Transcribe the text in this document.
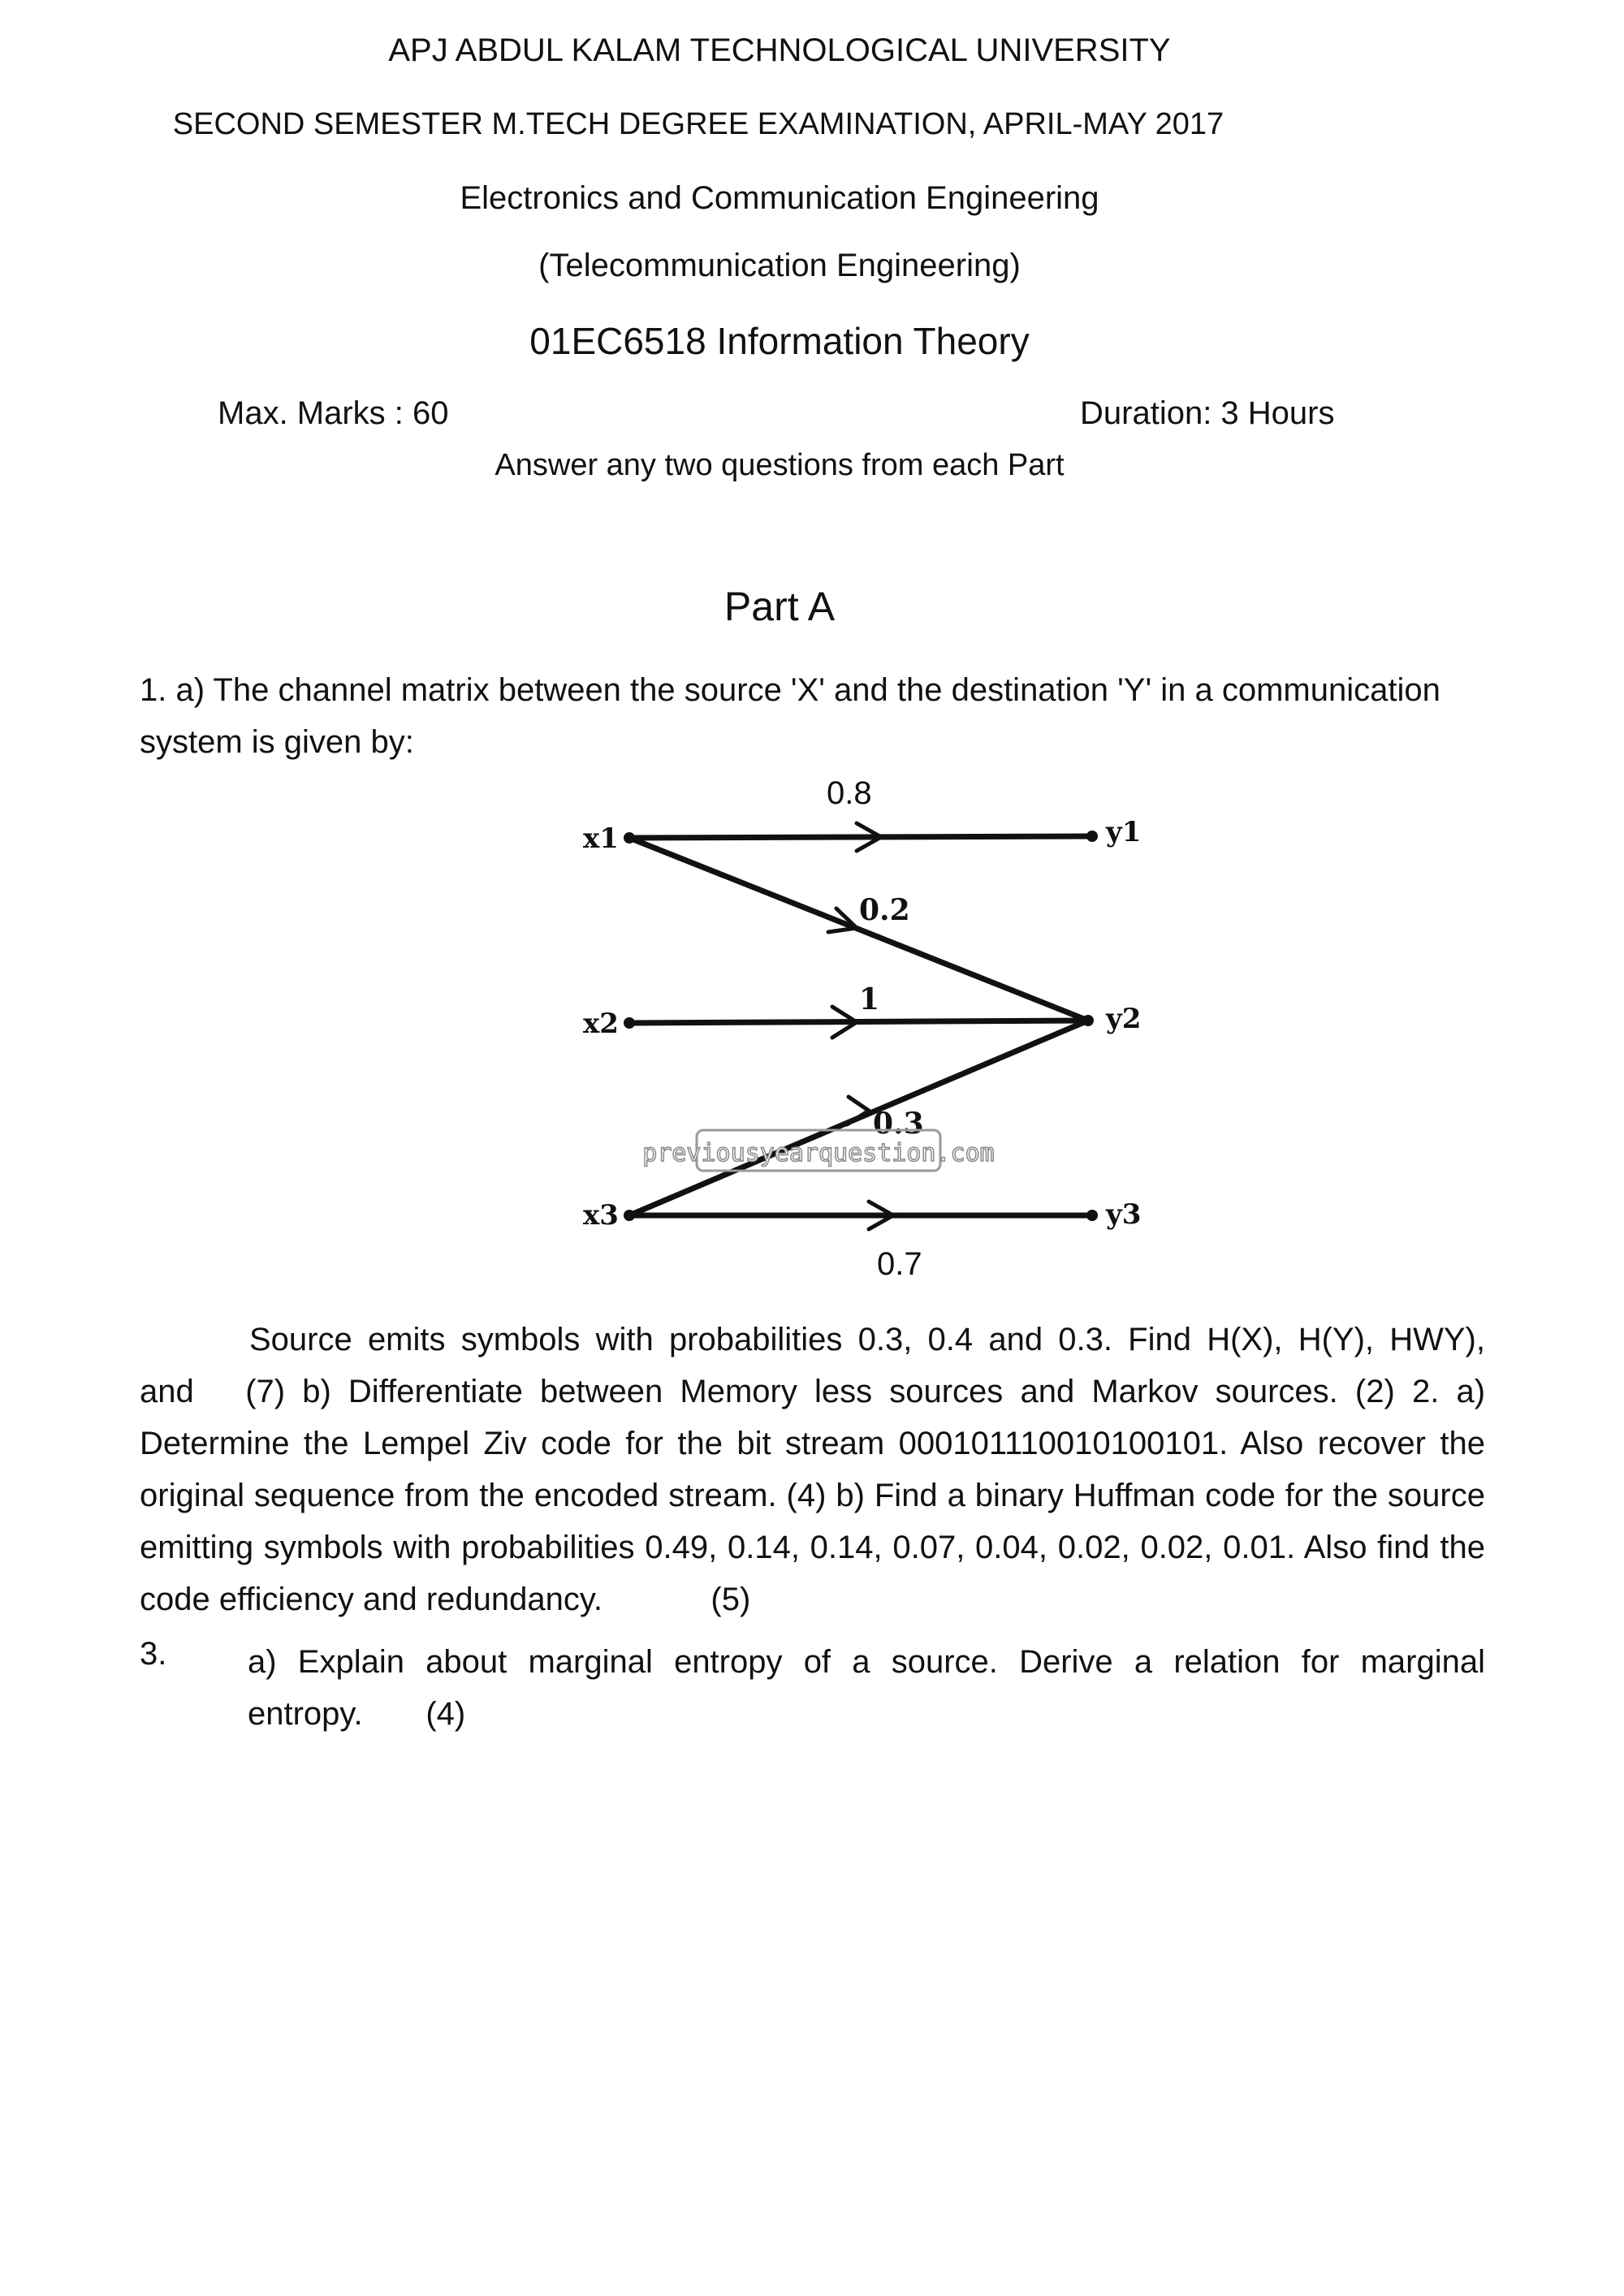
APJ ABDUL KALAM TECHNOLOGICAL UNIVERSITY
SECOND SEMESTER M.TECH DEGREE EXAMINATION, APRIL-MAY 2017
Electronics and Communication Engineering
(Telecommunication Engineering)
01EC6518 Information Theory
Max. Marks : 60	Duration: 3 Hours
Answer any two questions from each Part
Part A
1. a) The channel matrix between the source 'X' and the destination 'Y' in a communication system is given by:
x1
x2
x3
y1
y2
y3
0.2
1
0.3
0.8
0.7
previousyearquestion.com
Source emits symbols with probabilities 0.3, 0.4 and 0.3. Find H(X), H(Y), HWY), and (7) b) Differentiate between Memory less sources and Markov sources. (2) 2. a) Determine the Lempel Ziv code for the bit stream 000101110010100101. Also recover the original sequence from the encoded stream. (4) b) Find a binary Huffman code for the source emitting symbols with probabilities 0.49, 0.14, 0.14, 0.07, 0.04, 0.02, 0.02, 0.01. Also find the code efficiency and redundancy.	(5)
3. a) Explain about marginal entropy of a source. Derive a relation for marginal entropy. (4)
